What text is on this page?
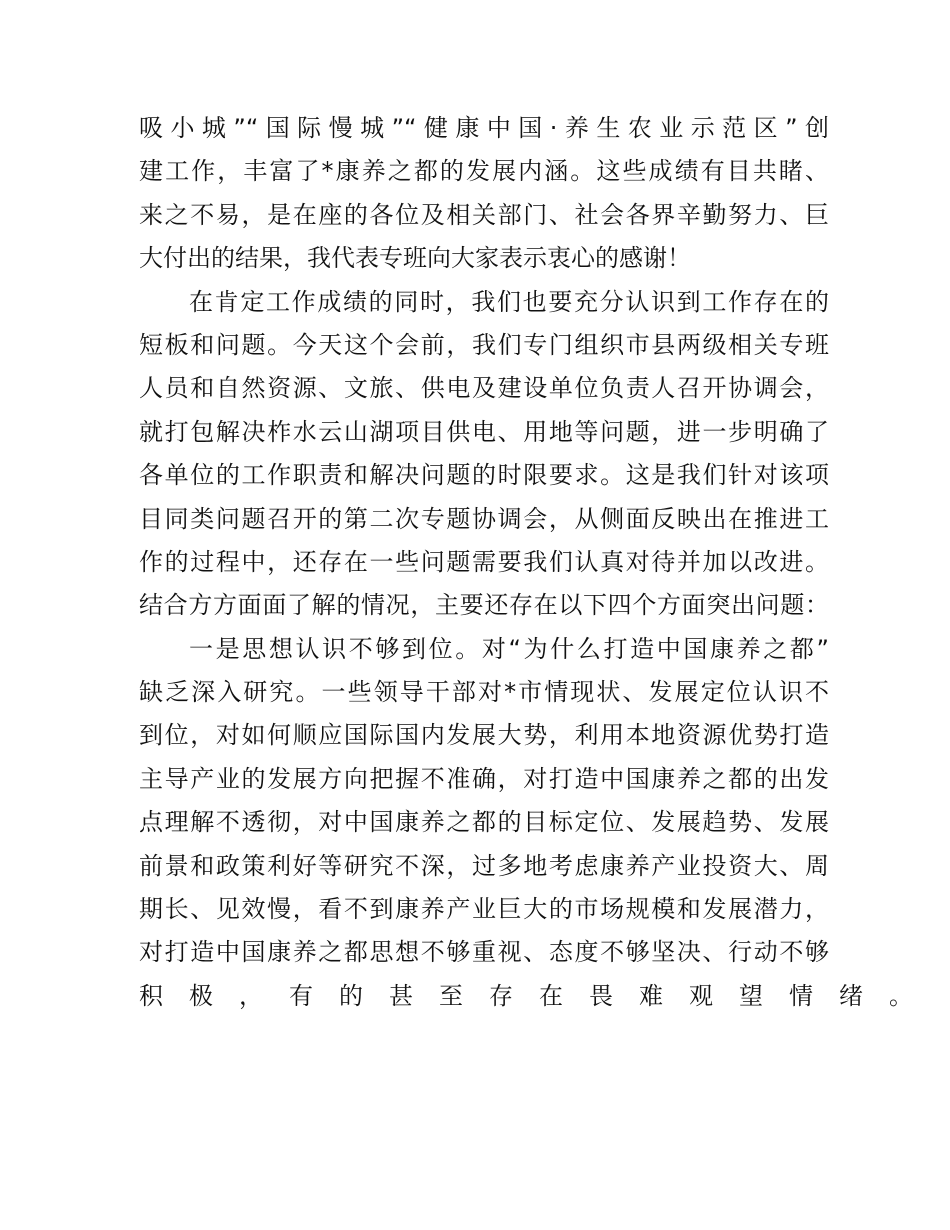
吸小城”“国际慢城”“健康中国·养生农业示范区”创
建工作，丰富了*康养之都的发展内涵。这些成绩有目共睹、
来之不易，是在座的各位及相关部门、社会各界辛勤努力、巨
大付出的结果，我代表专班向大家表示衷心的感谢！

在肯定工作成绩的同时，我们也要充分认识到工作存在的
短板和问题。今天这个会前，我们专门组织市县两级相关专班
人员和自然资源、文旅、供电及建设单位负责人召开协调会，
就打包解决柞水云山湖项目供电、用地等问题，进一步明确了
各单位的工作职责和解决问题的时限要求。这是我们针对该项
目同类问题召开的第二次专题协调会，从侧面反映出在推进工
作的过程中，还存在一些问题需要我们认真对待并加以改进。
结合方方面面了解的情况，主要还存在以下四个方面突出问题：

一是思想认识不够到位。对“为什么打造中国康养之都”
缺乏深入研究。一些领导干部对*市情现状、发展定位认识不
到位，对如何顺应国际国内发展大势，利用本地资源优势打造
主导产业的发展方向把握不准确，对打造中国康养之都的出发
点理解不透彻，对中国康养之都的目标定位、发展趋势、发展
前景和政策利好等研究不深，过多地考虑康养产业投资大、周
期长、见效慢，看不到康养产业巨大的市场规模和发展潜力，
对打造中国康养之都思想不够重视、态度不够坚决、行动不够
积极，有的甚至存在畏难观望情绪。
